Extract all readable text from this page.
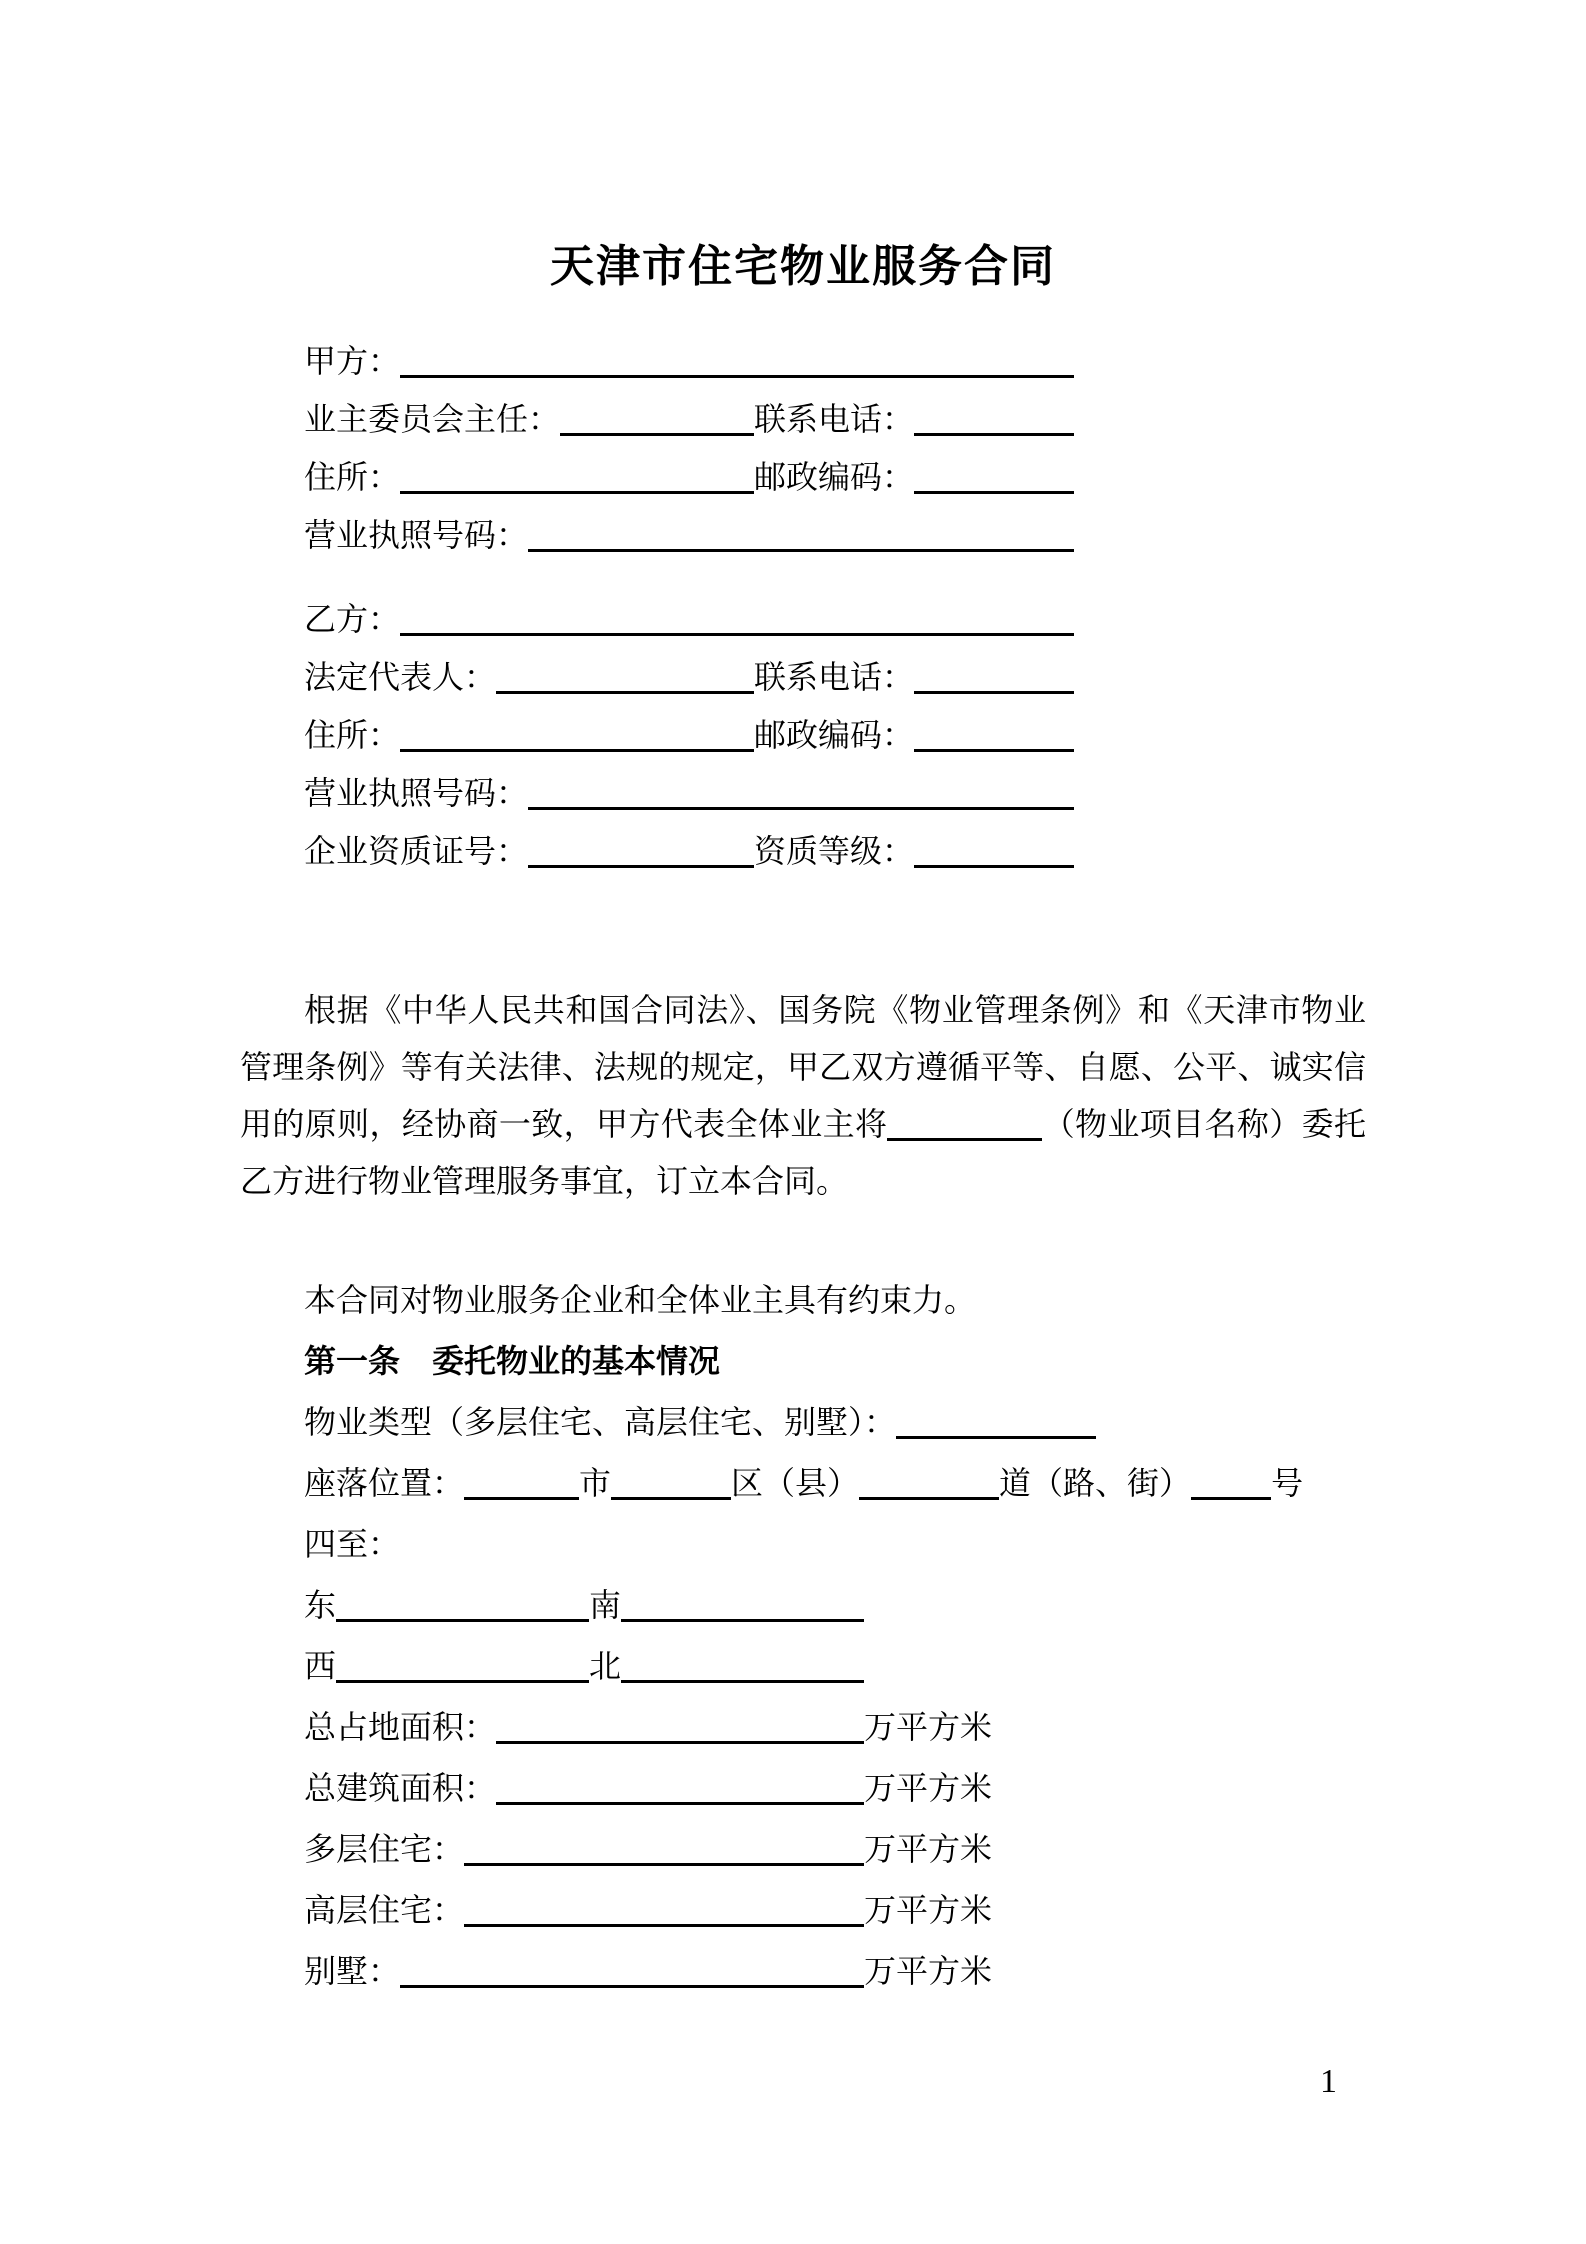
天津市住宅物业服务合同
甲方：
业主委员会主任：	联系电话：
住所：	邮政编码：
营业执照号码：
乙方：
法定代表人：	联系电话：
住所：	邮政编码：
营业执照号码：
企业资质证号：	资质等级：

根据《中华人民共和国合同法》、国务院《物业管理条例》和《天津市物业管理条例》等有关法律、法规的规定，甲乙双方遵循平等、自愿、公平、诚实信用的原则，经协商一致，甲方代表全体业主将	（物业项目名称）委托乙方进行物业管理服务事宜，订立本合同。

本合同对物业服务企业和全体业主具有约束力。
第一条 委托物业的基本情况
物业类型（多层住宅、高层住宅、别墅）：
座落位置：	市	区（县）	道（路、街）	号
四至：
东	南
西	北
总占地面积：	万平方米
总建筑面积：	万平方米
多层住宅：	万平方米
高层住宅：	万平方米
别墅：	万平方米
1
